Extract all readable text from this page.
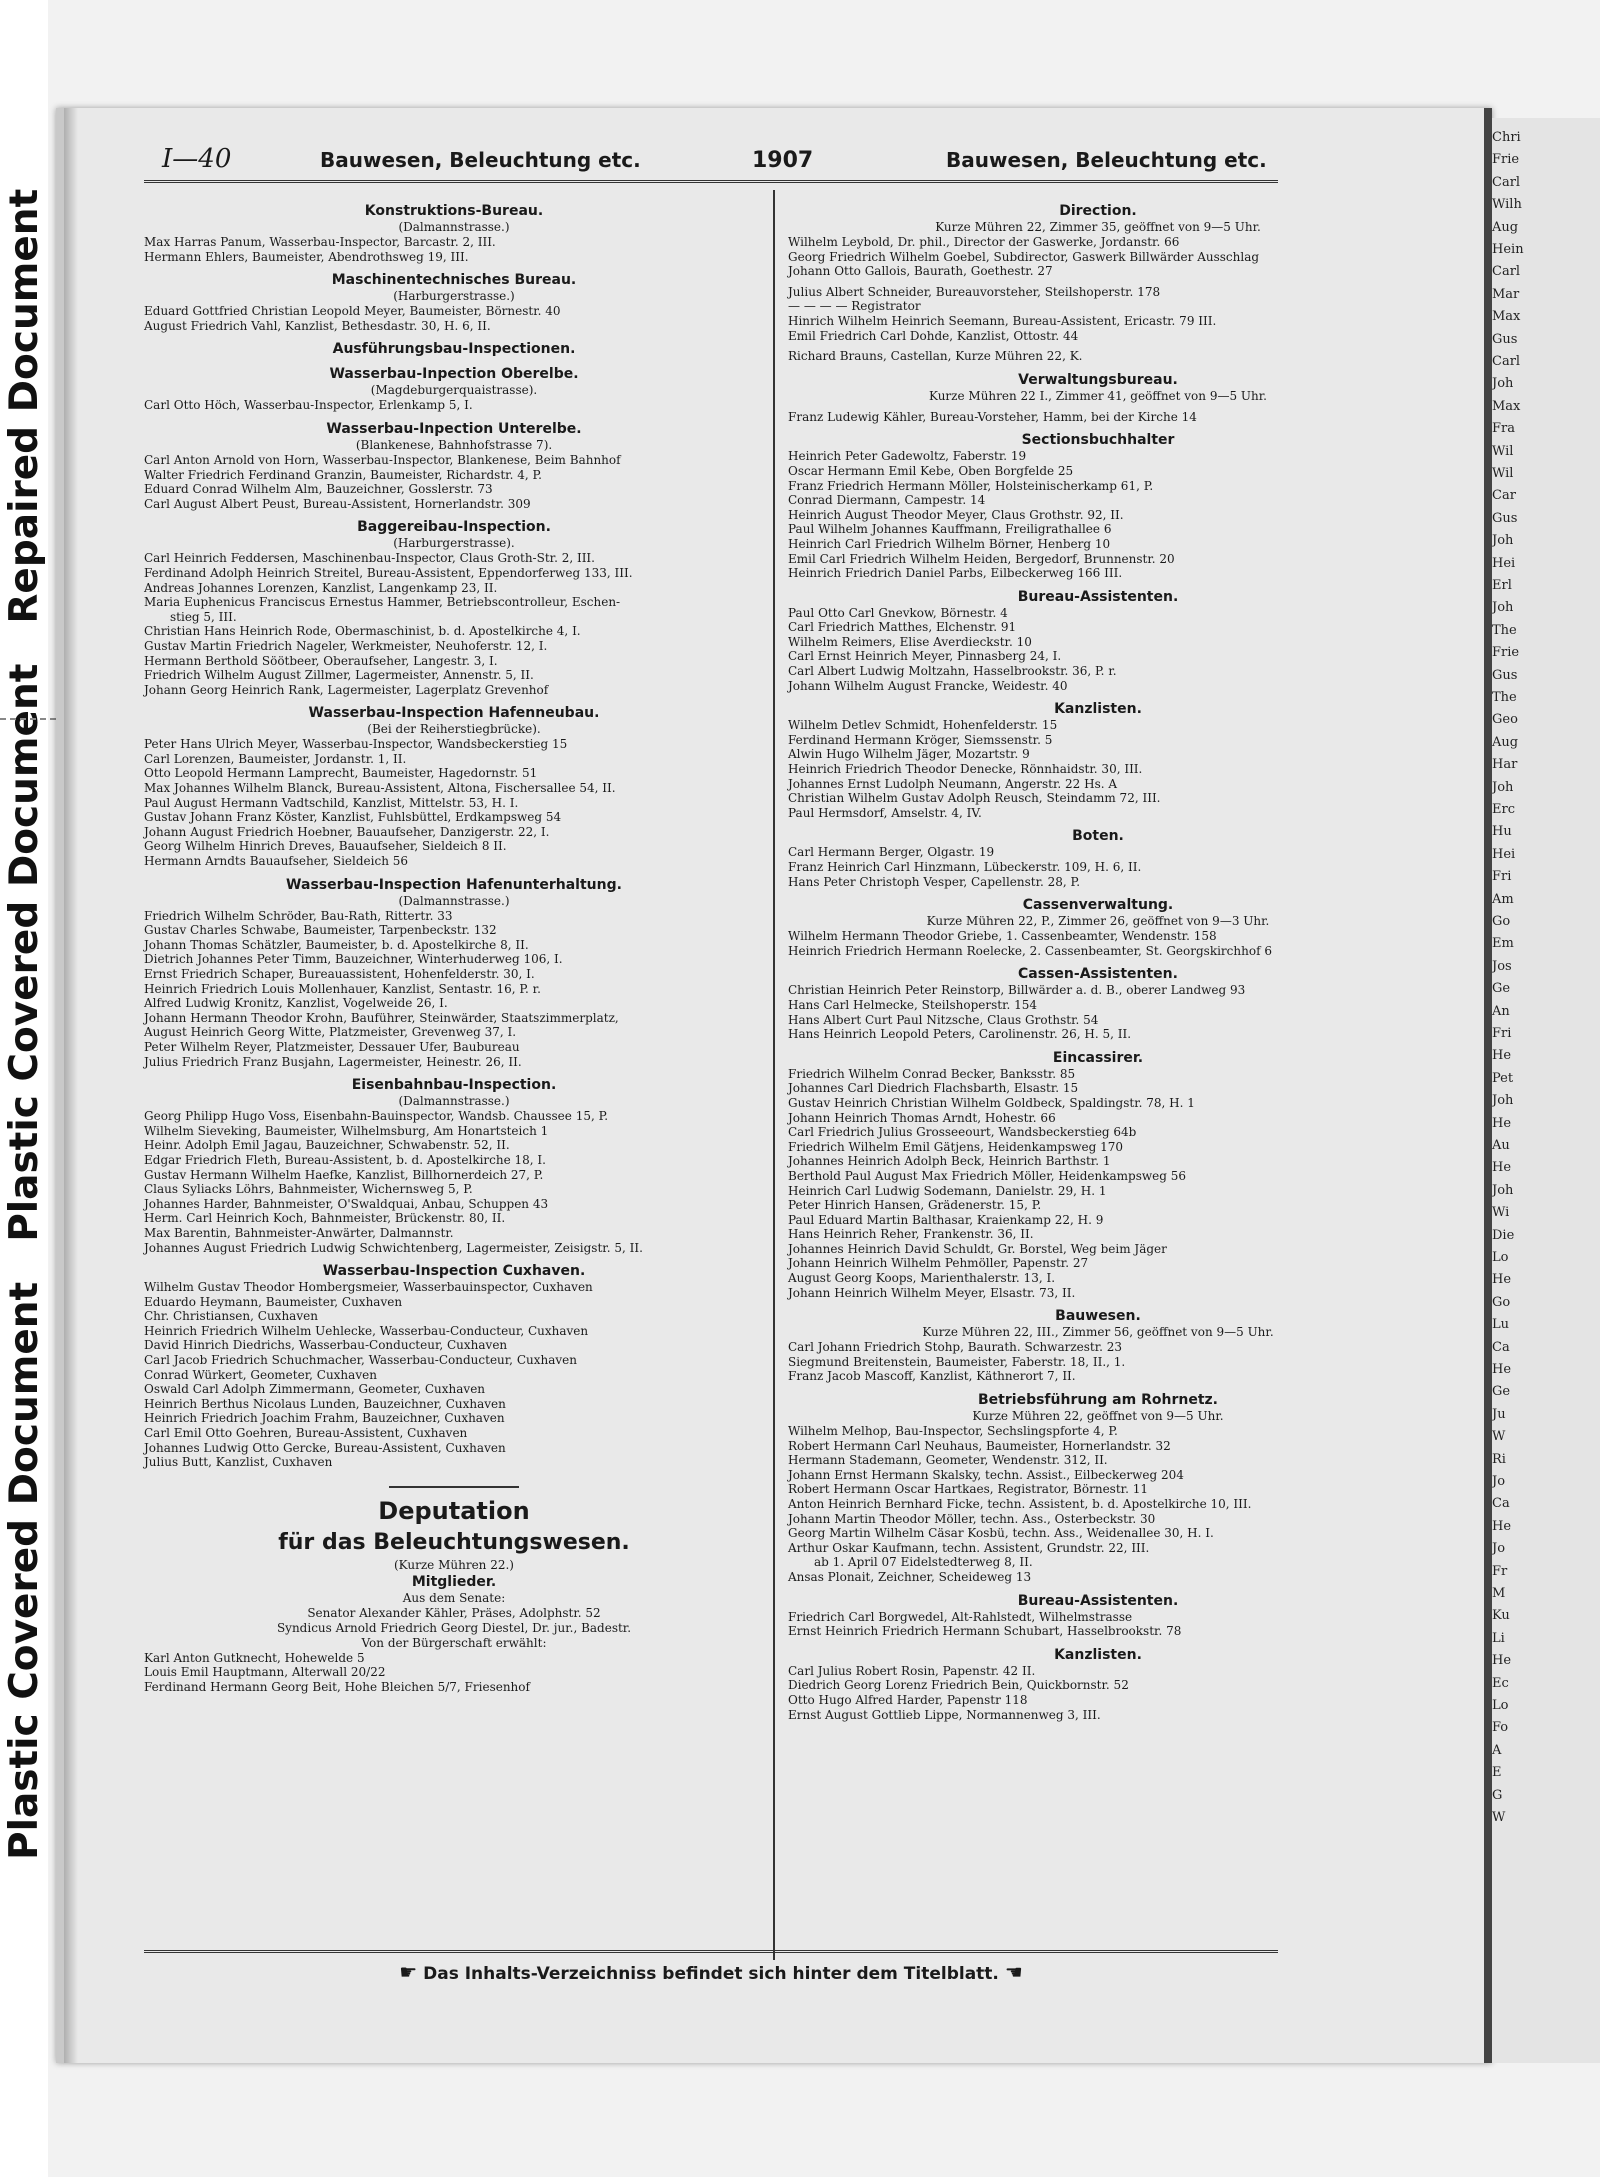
Plastic Covered DocumentPlastic Covered DocumentRepaired Document
Chri
Frie
Carl
Wilh
Aug
Hein
Carl
Mar
Max
Gus
Carl
Joh
Max
Fra
Wil
Wil
Car
Gus
Joh
Hei
Erl
Joh
The
Frie
Gus
The
Geo
Aug
Har
Joh
Erc
Hu
Hei
Fri
Am
Go
Em
Jos
Ge
An
Fri
He
Pet
Joh
He
Au
He
Joh
Wi
Die
Lo
He
Go
Lu
Ca
He
Ge
Ju
W
Ri
Jo
Ca
He
Jo
Fr
M
Ku
Li
He
Ec
Lo
Fo
A
E
G
W
I—40	Bauwesen, Beleuchtung etc.	1907	Bauwesen, Beleuchtung etc.
Konstruktions-Bureau.
(Dalmannstrasse.)
Max Harras Panum, Wasserbau-Inspector, Barcastr. 2, III.
Hermann Ehlers, Baumeister, Abendrothsweg 19, III.
Maschinentechnisches Bureau.
(Harburgerstrasse.)
Eduard Gottfried Christian Leopold Meyer, Baumeister, Börnestr. 40
August Friedrich Vahl, Kanzlist, Bethesdastr. 30, H. 6, II.
Ausführungsbau-Inspectionen.
Wasserbau-Inpection Oberelbe.
(Magdeburgerquaistrasse).
Carl Otto Höch, Wasserbau-Inspector, Erlenkamp 5, I.
Wasserbau-Inpection Unterelbe.
(Blankenese, Bahnhofstrasse 7).
Carl Anton Arnold von Horn, Wasserbau-Inspector, Blankenese, Beim Bahnhof
Walter Friedrich Ferdinand Granzin, Baumeister, Richardstr. 4, P.
Eduard Conrad Wilhelm Alm, Bauzeichner, Gosslerstr. 73
Carl August Albert Peust, Bureau-Assistent, Hornerlandstr. 309
Baggereibau-Inspection.
(Harburgerstrasse).
Carl Heinrich Feddersen, Maschinenbau-Inspector, Claus Groth-Str. 2, III.
Ferdinand Adolph Heinrich Streitel, Bureau-Assistent, Eppendorferweg 133, III.
Andreas Johannes Lorenzen, Kanzlist, Langenkamp 23, II.
Maria Euphenicus Franciscus Ernestus Hammer, Betriebscontrolleur, Eschen-
stieg 5, III.
Christian Hans Heinrich Rode, Obermaschinist, b. d. Apostelkirche 4, I.
Gustav Martin Friedrich Nageler, Werkmeister, Neuhoferstr. 12, I.
Hermann Berthold Söötbeer, Oberaufseher, Langestr. 3, I.
Friedrich Wilhelm August Zillmer, Lagermeister, Annenstr. 5, II.
Johann Georg Heinrich Rank, Lagermeister, Lagerplatz Grevenhof
Wasserbau-Inspection Hafenneubau.
(Bei der Reiherstiegbrücke).
Peter Hans Ulrich Meyer, Wasserbau-Inspector, Wandsbeckerstieg 15
Carl Lorenzen, Baumeister, Jordanstr. 1, II.
Otto Leopold Hermann Lamprecht, Baumeister, Hagedornstr. 51
Max Johannes Wilhelm Blanck, Bureau-Assistent, Altona, Fischersallee 54, II.
Paul August Hermann Vadtschild, Kanzlist, Mittelstr. 53, H. I.
Gustav Johann Franz Köster, Kanzlist, Fuhlsbüttel, Erdkampsweg 54
Johann August Friedrich Hoebner, Bauaufseher, Danzigerstr. 22, I.
Georg Wilhelm Hinrich Dreves, Bauaufseher, Sieldeich 8 II.
Hermann Arndts Bauaufseher, Sieldeich 56
Wasserbau-Inspection Hafenunterhaltung.
(Dalmannstrasse.)
Friedrich Wilhelm Schröder, Bau-Rath, Rittertr. 33
Gustav Charles Schwabe, Baumeister, Tarpenbeckstr. 132
Johann Thomas Schätzler, Baumeister, b. d. Apostelkirche 8, II.
Dietrich Johannes Peter Timm, Bauzeichner, Winterhuderweg 106, I.
Ernst Friedrich Schaper, Bureauassistent, Hohenfelderstr. 30, I.
Heinrich Friedrich Louis Mollenhauer, Kanzlist, Sentastr. 16, P. r.
Alfred Ludwig Kronitz, Kanzlist, Vogelweide 26, I.
Johann Hermann Theodor Krohn, Bauführer, Steinwärder, Staatszimmerplatz,
August Heinrich Georg Witte, Platzmeister, Grevenweg 37, I.
Peter Wilhelm Reyer, Platzmeister, Dessauer Ufer, Baubureau
Julius Friedrich Franz Busjahn, Lagermeister, Heinestr. 26, II.
Eisenbahnbau-Inspection.
(Dalmannstrasse.)
Georg Philipp Hugo Voss, Eisenbahn-Bauinspector, Wandsb. Chaussee 15, P.
Wilhelm Sieveking, Baumeister, Wilhelmsburg, Am Honartsteich 1
Heinr. Adolph Emil Jagau, Bauzeichner, Schwabenstr. 52, II.
Edgar Friedrich Fleth, Bureau-Assistent, b. d. Apostelkirche 18, I.
Gustav Hermann Wilhelm Haefke, Kanzlist, Billhornerdeich 27, P.
Claus Syliacks Löhrs, Bahnmeister, Wichernsweg 5, P.
Johannes Harder, Bahnmeister, O'Swaldquai, Anbau, Schuppen 43
Herm. Carl Heinrich Koch, Bahnmeister, Brückenstr. 80, II.
Max Barentin, Bahnmeister-Anwärter, Dalmannstr.
Johannes August Friedrich Ludwig Schwichtenberg, Lagermeister, Zeisigstr. 5, II.
Wasserbau-Inspection Cuxhaven.
Wilhelm Gustav Theodor Hombergsmeier, Wasserbauinspector, Cuxhaven
Eduardo Heymann, Baumeister, Cuxhaven
Chr. Christiansen, Cuxhaven
Heinrich Friedrich Wilhelm Uehlecke, Wasserbau-Conducteur, Cuxhaven
David Hinrich Diedrichs, Wasserbau-Conducteur, Cuxhaven
Carl Jacob Friedrich Schuchmacher, Wasserbau-Conducteur, Cuxhaven
Conrad Würkert, Geometer, Cuxhaven
Oswald Carl Adolph Zimmermann, Geometer, Cuxhaven
Heinrich Berthus Nicolaus Lunden, Bauzeichner, Cuxhaven
Heinrich Friedrich Joachim Frahm, Bauzeichner, Cuxhaven
Carl Emil Otto Goehren, Bureau-Assistent, Cuxhaven
Johannes Ludwig Otto Gercke, Bureau-Assistent, Cuxhaven
Julius Butt, Kanzlist, Cuxhaven
Deputation
für das Beleuchtungswesen.
(Kurze Mühren 22.)
Mitglieder.
Aus dem Senate:
Senator Alexander Kähler, Präses, Adolphstr. 52
Syndicus Arnold Friedrich Georg Diestel, Dr. jur., Badestr.
Von der Bürgerschaft erwählt:
Karl Anton Gutknecht, Hohewelde 5
Louis Emil Hauptmann, Alterwall 20/22
Ferdinand Hermann Georg Beit, Hohe Bleichen 5/7, Friesenhof
Direction.
Kurze Mühren 22, Zimmer 35, geöffnet von 9—5 Uhr.
Wilhelm Leybold, Dr. phil., Director der Gaswerke, Jordanstr. 66
Georg Friedrich Wilhelm Goebel, Subdirector, Gaswerk Billwärder Ausschlag
Johann Otto Gallois, Baurath, Goethestr. 27
Julius Albert Schneider, Bureauvorsteher, Steilshoperstr. 178
— — — — Registrator
Hinrich Wilhelm Heinrich Seemann, Bureau-Assistent, Ericastr. 79 III.
Emil Friedrich Carl Dohde, Kanzlist, Ottostr. 44
Richard Brauns, Castellan, Kurze Mühren 22, K.
Verwaltungsbureau.
Kurze Mühren 22 I., Zimmer 41, geöffnet von 9—5 Uhr.
Franz Ludewig Kähler, Bureau-Vorsteher, Hamm, bei der Kirche 14
Sectionsbuchhalter
Heinrich Peter Gadewoltz, Faberstr. 19
Oscar Hermann Emil Kebe, Oben Borgfelde 25
Franz Friedrich Hermann Möller, Holsteinischerkamp 61, P.
Conrad Diermann, Campestr. 14
Heinrich August Theodor Meyer, Claus Grothstr. 92, II.
Paul Wilhelm Johannes Kauffmann, Freiligrathallee 6
Heinrich Carl Friedrich Wilhelm Börner, Henberg 10
Emil Carl Friedrich Wilhelm Heiden, Bergedorf, Brunnenstr. 20
Heinrich Friedrich Daniel Parbs, Eilbeckerweg 166 III.
Bureau-Assistenten.
Paul Otto Carl Gnevkow, Börnestr. 4
Carl Friedrich Matthes, Elchenstr. 91
Wilhelm Reimers, Elise Averdieckstr. 10
Carl Ernst Heinrich Meyer, Pinnasberg 24, I.
Carl Albert Ludwig Moltzahn, Hasselbrookstr. 36, P. r.
Johann Wilhelm August Francke, Weidestr. 40
Kanzlisten.
Wilhelm Detlev Schmidt, Hohenfelderstr. 15
Ferdinand Hermann Kröger, Siemssenstr. 5
Alwin Hugo Wilhelm Jäger, Mozartstr. 9
Heinrich Friedrich Theodor Denecke, Rönnhaidstr. 30, III.
Johannes Ernst Ludolph Neumann, Angerstr. 22 Hs. A
Christian Wilhelm Gustav Adolph Reusch, Steindamm 72, III.
Paul Hermsdorf, Amselstr. 4, IV.
Boten.
Carl Hermann Berger, Olgastr. 19
Franz Heinrich Carl Hinzmann, Lübeckerstr. 109, H. 6, II.
Hans Peter Christoph Vesper, Capellenstr. 28, P.
Cassenverwaltung.
Kurze Mühren 22, P., Zimmer 26, geöffnet von 9—3 Uhr.
Wilhelm Hermann Theodor Griebe, 1. Cassenbeamter, Wendenstr. 158
Heinrich Friedrich Hermann Roelecke, 2. Cassenbeamter, St. Georgskirchhof 6
Cassen-Assistenten.
Christian Heinrich Peter Reinstorp, Billwärder a. d. B., oberer Landweg 93
Hans Carl Helmecke, Steilshoperstr. 154
Hans Albert Curt Paul Nitzsche, Claus Grothstr. 54
Hans Heinrich Leopold Peters, Carolinenstr. 26, H. 5, II.
Eincassirer.
Friedrich Wilhelm Conrad Becker, Banksstr. 85
Johannes Carl Diedrich Flachsbarth, Elsastr. 15
Gustav Heinrich Christian Wilhelm Goldbeck, Spaldingstr. 78, H. 1
Johann Heinrich Thomas Arndt, Hohestr. 66
Carl Friedrich Julius Grosseeourt, Wandsbeckerstieg 64b
Friedrich Wilhelm Emil Gätjens, Heidenkampsweg 170
Johannes Heinrich Adolph Beck, Heinrich Barthstr. 1
Berthold Paul August Max Friedrich Möller, Heidenkampsweg 56
Heinrich Carl Ludwig Sodemann, Danielstr. 29, H. 1
Peter Hinrich Hansen, Grädenerstr. 15, P.
Paul Eduard Martin Balthasar, Kraienkamp 22, H. 9
Hans Heinrich Reher, Frankenstr. 36, II.
Johannes Heinrich David Schuldt, Gr. Borstel, Weg beim Jäger
Johann Heinrich Wilhelm Pehmöller, Papenstr. 27
August Georg Koops, Marienthalerstr. 13, I.
Johann Heinrich Wilhelm Meyer, Elsastr. 73, II.
Bauwesen.
Kurze Mühren 22, III., Zimmer 56, geöffnet von 9—5 Uhr.
Carl Johann Friedrich Stohp, Baurath. Schwarzestr. 23
Siegmund Breitenstein, Baumeister, Faberstr. 18, II., 1.
Franz Jacob Mascoff, Kanzlist, Käthnerort 7, II.
Betriebsführung am Rohrnetz.
Kurze Mühren 22, geöffnet von 9—5 Uhr.
Wilhelm Melhop, Bau-Inspector, Sechslingspforte 4, P.
Robert Hermann Carl Neuhaus, Baumeister, Hornerlandstr. 32
Hermann Stademann, Geometer, Wendenstr. 312, II.
Johann Ernst Hermann Skalsky, techn. Assist., Eilbeckerweg 204
Robert Hermann Oscar Hartkaes, Registrator, Börnestr. 11
Anton Heinrich Bernhard Ficke, techn. Assistent, b. d. Apostelkirche 10, III.
Johann Martin Theodor Möller, techn. Ass., Osterbeckstr. 30
Georg Martin Wilhelm Cäsar Kosbü, techn. Ass., Weidenallee 30, H. I.
Arthur Oskar Kaufmann, techn. Assistent, Grundstr. 22, III.
ab 1. April 07 Eidelstedterweg 8, II.
Ansas Plonait, Zeichner, Scheideweg 13
Bureau-Assistenten.
Friedrich Carl Borgwedel, Alt-Rahlstedt, Wilhelmstrasse
Ernst Heinrich Friedrich Hermann Schubart, Hasselbrookstr. 78
Kanzlisten.
Carl Julius Robert Rosin, Papenstr. 42 II.
Diedrich Georg Lorenz Friedrich Bein, Quickbornstr. 52
Otto Hugo Alfred Harder, Papenstr 118
Ernst August Gottlieb Lippe, Normannenweg 3, III.
☛ Das Inhalts-Verzeichniss befindet sich hinter dem Titelblatt. ☚
